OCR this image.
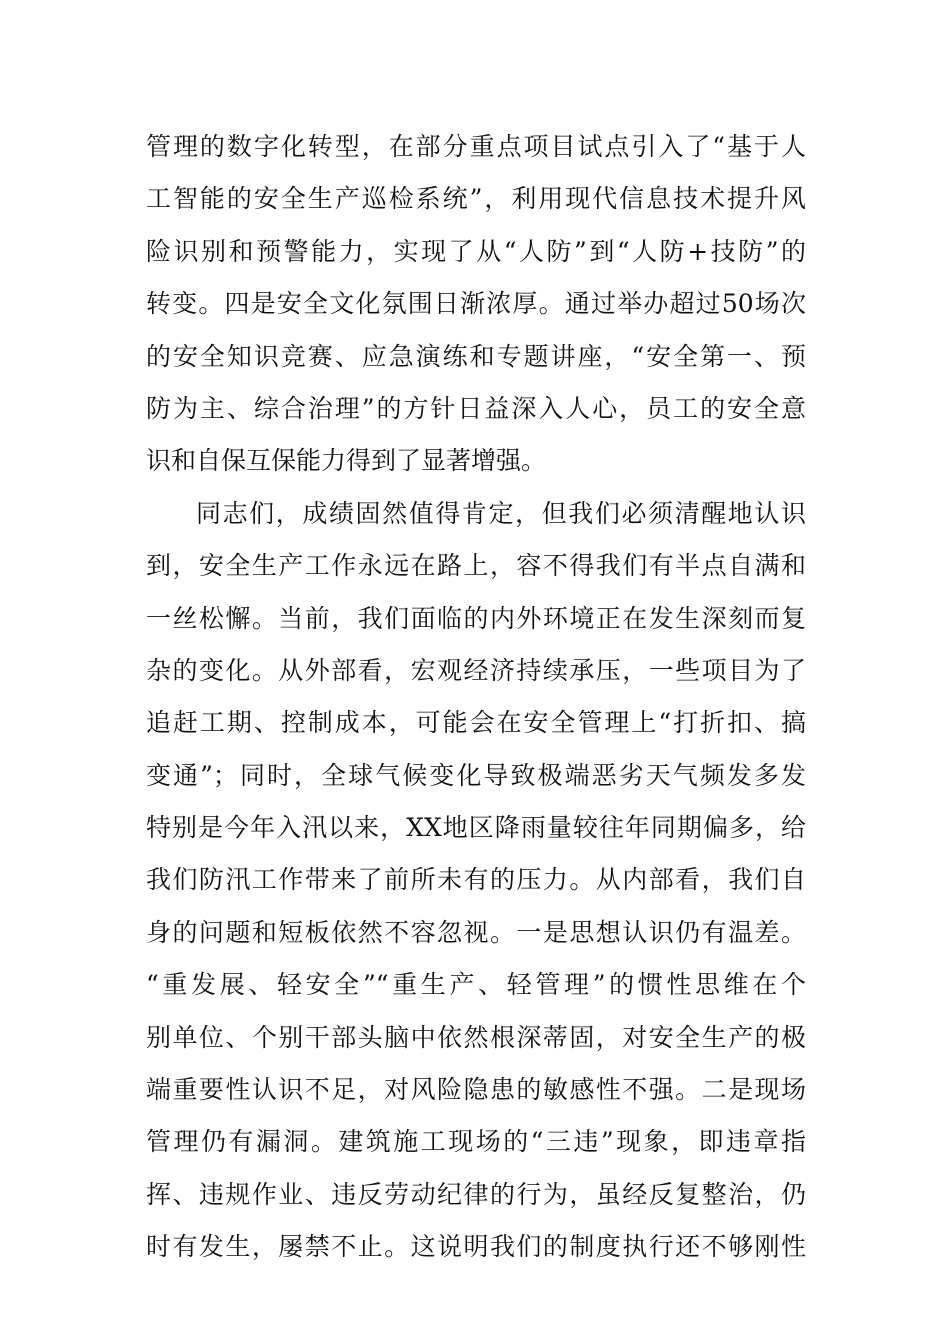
管理的数字化转型，在部分重点项目试点引入了“基于人
工智能的安全生产巡检系统”，利用现代信息技术提升风
险识别和预警能力，实现了从“人防”到“人防+技防”的
转变。四是安全文化氛围日渐浓厚。通过举办超过50场次
的安全知识竞赛、应急演练和专题讲座，“安全第一、预
防为主、综合治理”的方针日益深入人心，员工的安全意
识和自保互保能力得到了显著增强。
同志们，成绩固然值得肯定，但我们必须清醒地认识
到，安全生产工作永远在路上，容不得我们有半点自满和
一丝松懈。当前，我们面临的内外环境正在发生深刻而复
杂的变化。从外部看，宏观经济持续承压，一些项目为了
追赶工期、控制成本，可能会在安全管理上“打折扣、搞
变通”；同时，全球气候变化导致极端恶劣天气频发多发
特别是今年入汛以来，XX地区降雨量较往年同期偏多，给
我们防汛工作带来了前所未有的压力。从内部看，我们自
身的问题和短板依然不容忽视。一是思想认识仍有温差。
“重发展、轻安全”“重生产、轻管理”的惯性思维在个
别单位、个别干部头脑中依然根深蒂固，对安全生产的极
端重要性认识不足，对风险隐患的敏感性不强。二是现场
管理仍有漏洞。建筑施工现场的“三违”现象，即违章指
挥、违规作业、违反劳动纪律的行为，虽经反复整治，仍
时有发生，屡禁不止。这说明我们的制度执行还不够刚性
